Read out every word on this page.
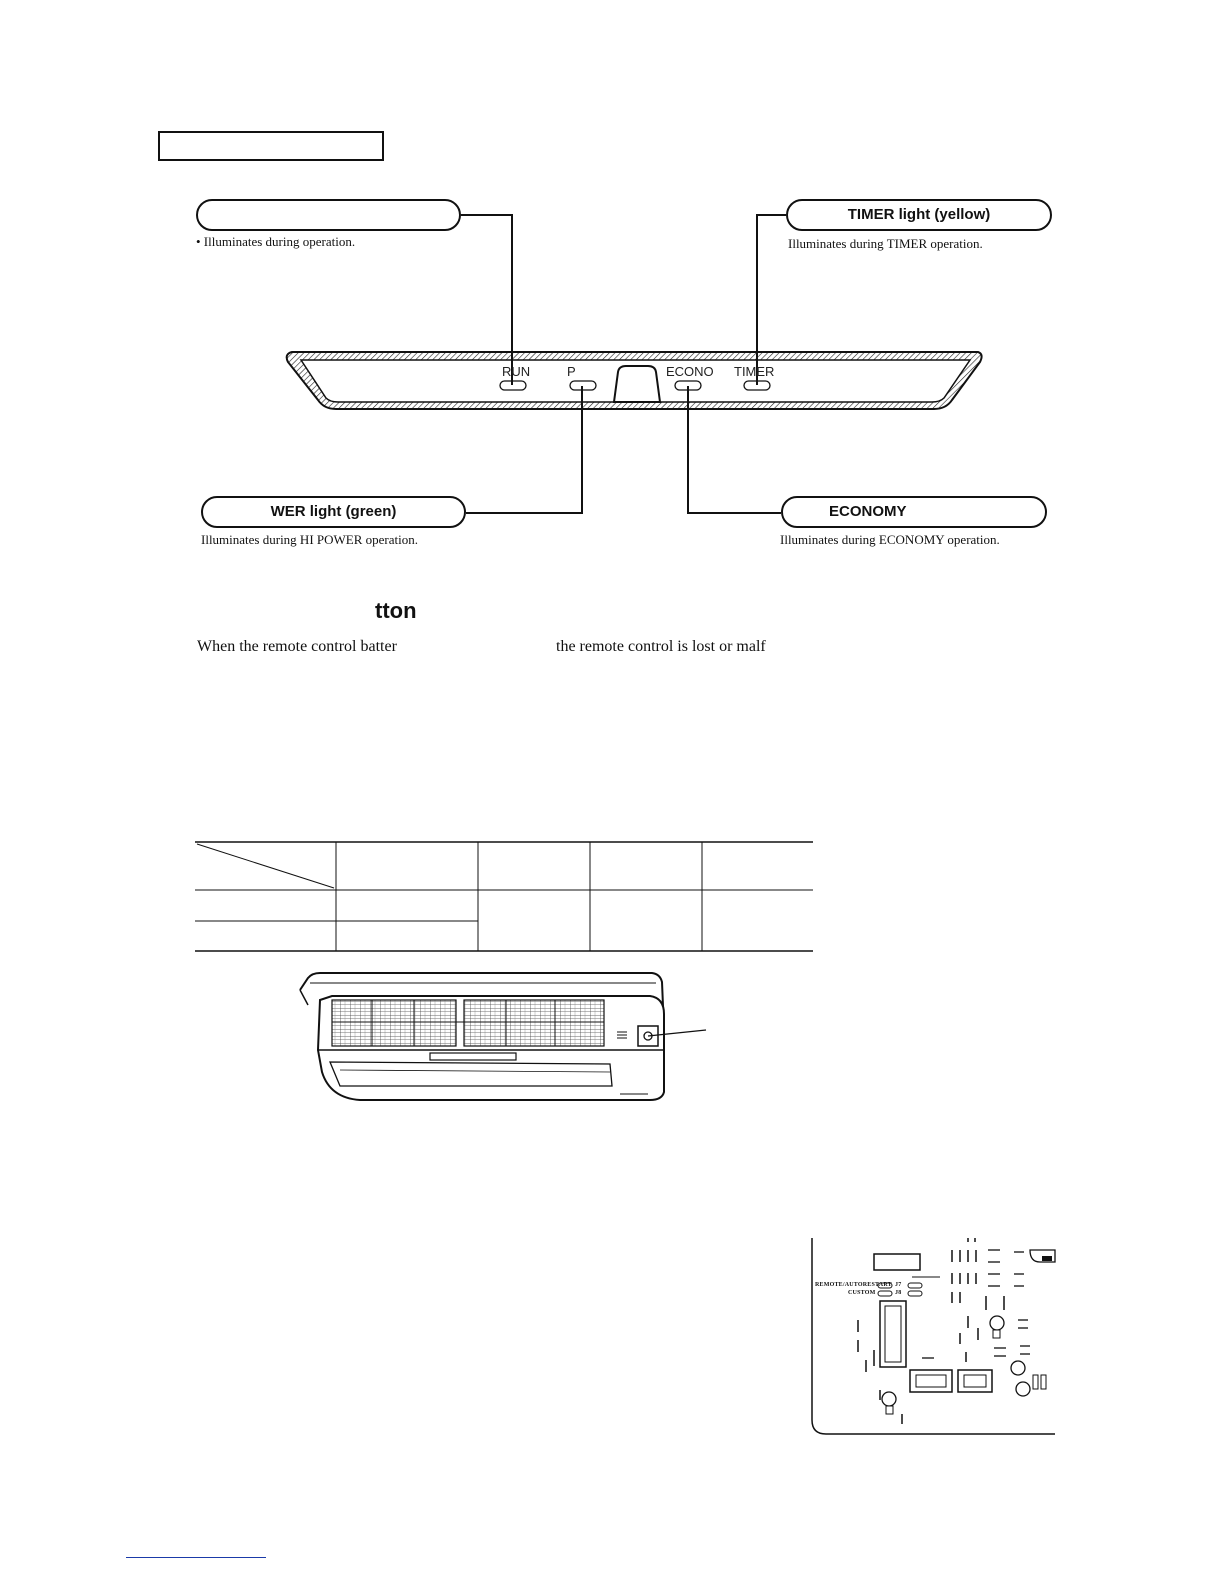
• Illuminates during operation.
TIMER light (yellow)
Illuminates during TIMER operation.
WER light (green)
Illuminates during HI POWER operation.
ECONOMY
Illuminates during ECONOMY operation.
RUN	P	ECONO TIMER
tton
When the remote control batter	the remote control is lost or malf
REMOTE/AUTORESTART
CUSTOM
J7
J8
